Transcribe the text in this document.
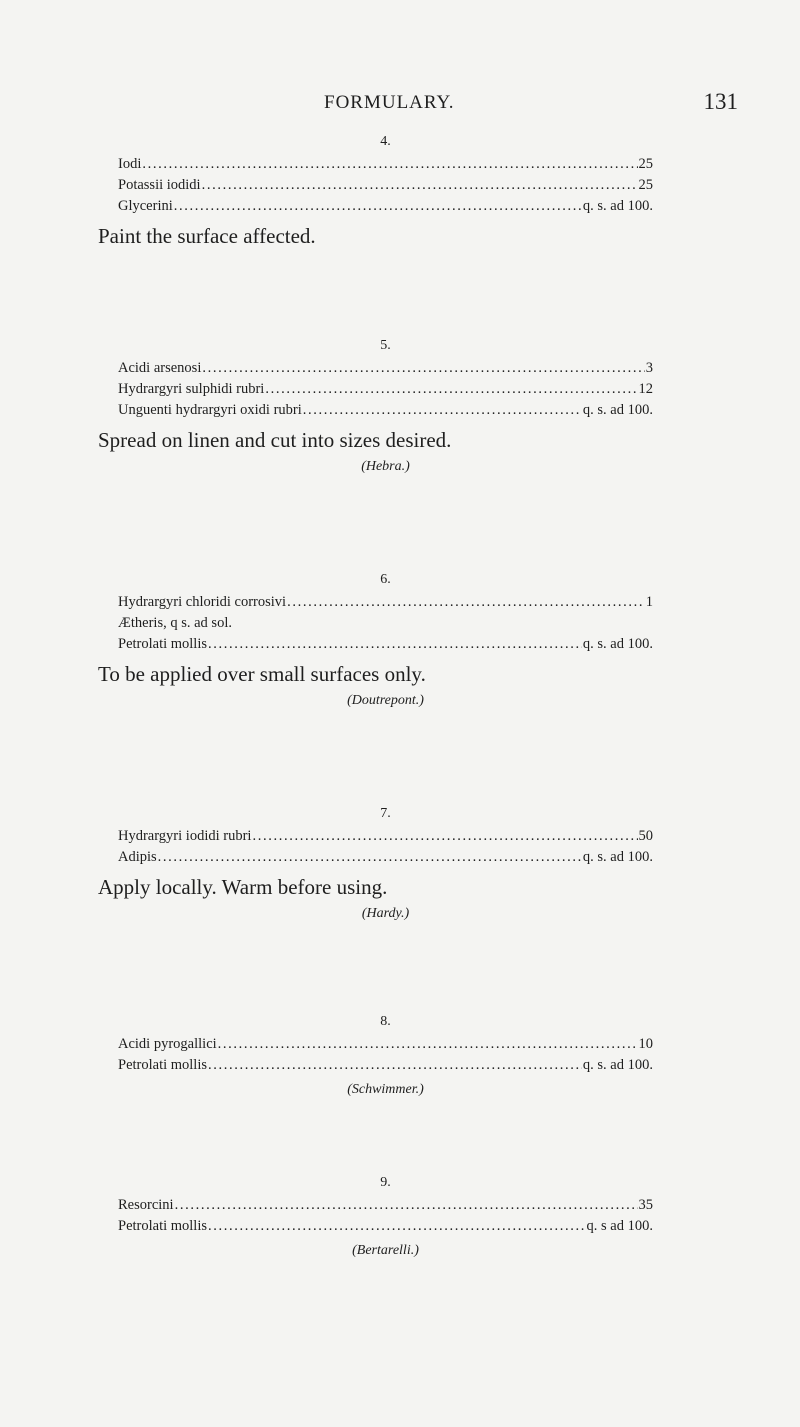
FORMULARY.	131
4.
Iodi . . .	25
Potassii iodidi . . .	25
Glycerini . . .	q. s. ad 100.
Paint the surface affected.
5.
Acidi arsenosi . . .	3
Hydrargyri sulphidi rubri . . .	12
Unguenti hydrargyri oxidi rubri . . .	q. s. ad 100.
Spread on linen and cut into sizes desired.
(Hebra.)
6.
Hydrargyri chloridi corrosivi . . .	1
Ætheris, q s. ad sol.
Petrolati mollis . . .	q. s. ad 100.
To be applied over small surfaces only.
(Doutrepont.)
7.
Hydrargyri iodidi rubri . . .	50
Adipis . . .	q. s. ad 100.
Apply locally. Warm before using.
(Hardy.)
8.
Acidi pyrogallici . . .	10
Petrolati mollis . . .	q. s. ad 100.
(Schwimmer.)
9.
Resorcini . . .	35
Petrolati mollis . . .	q. s ad 100.
(Bertarelli.)
